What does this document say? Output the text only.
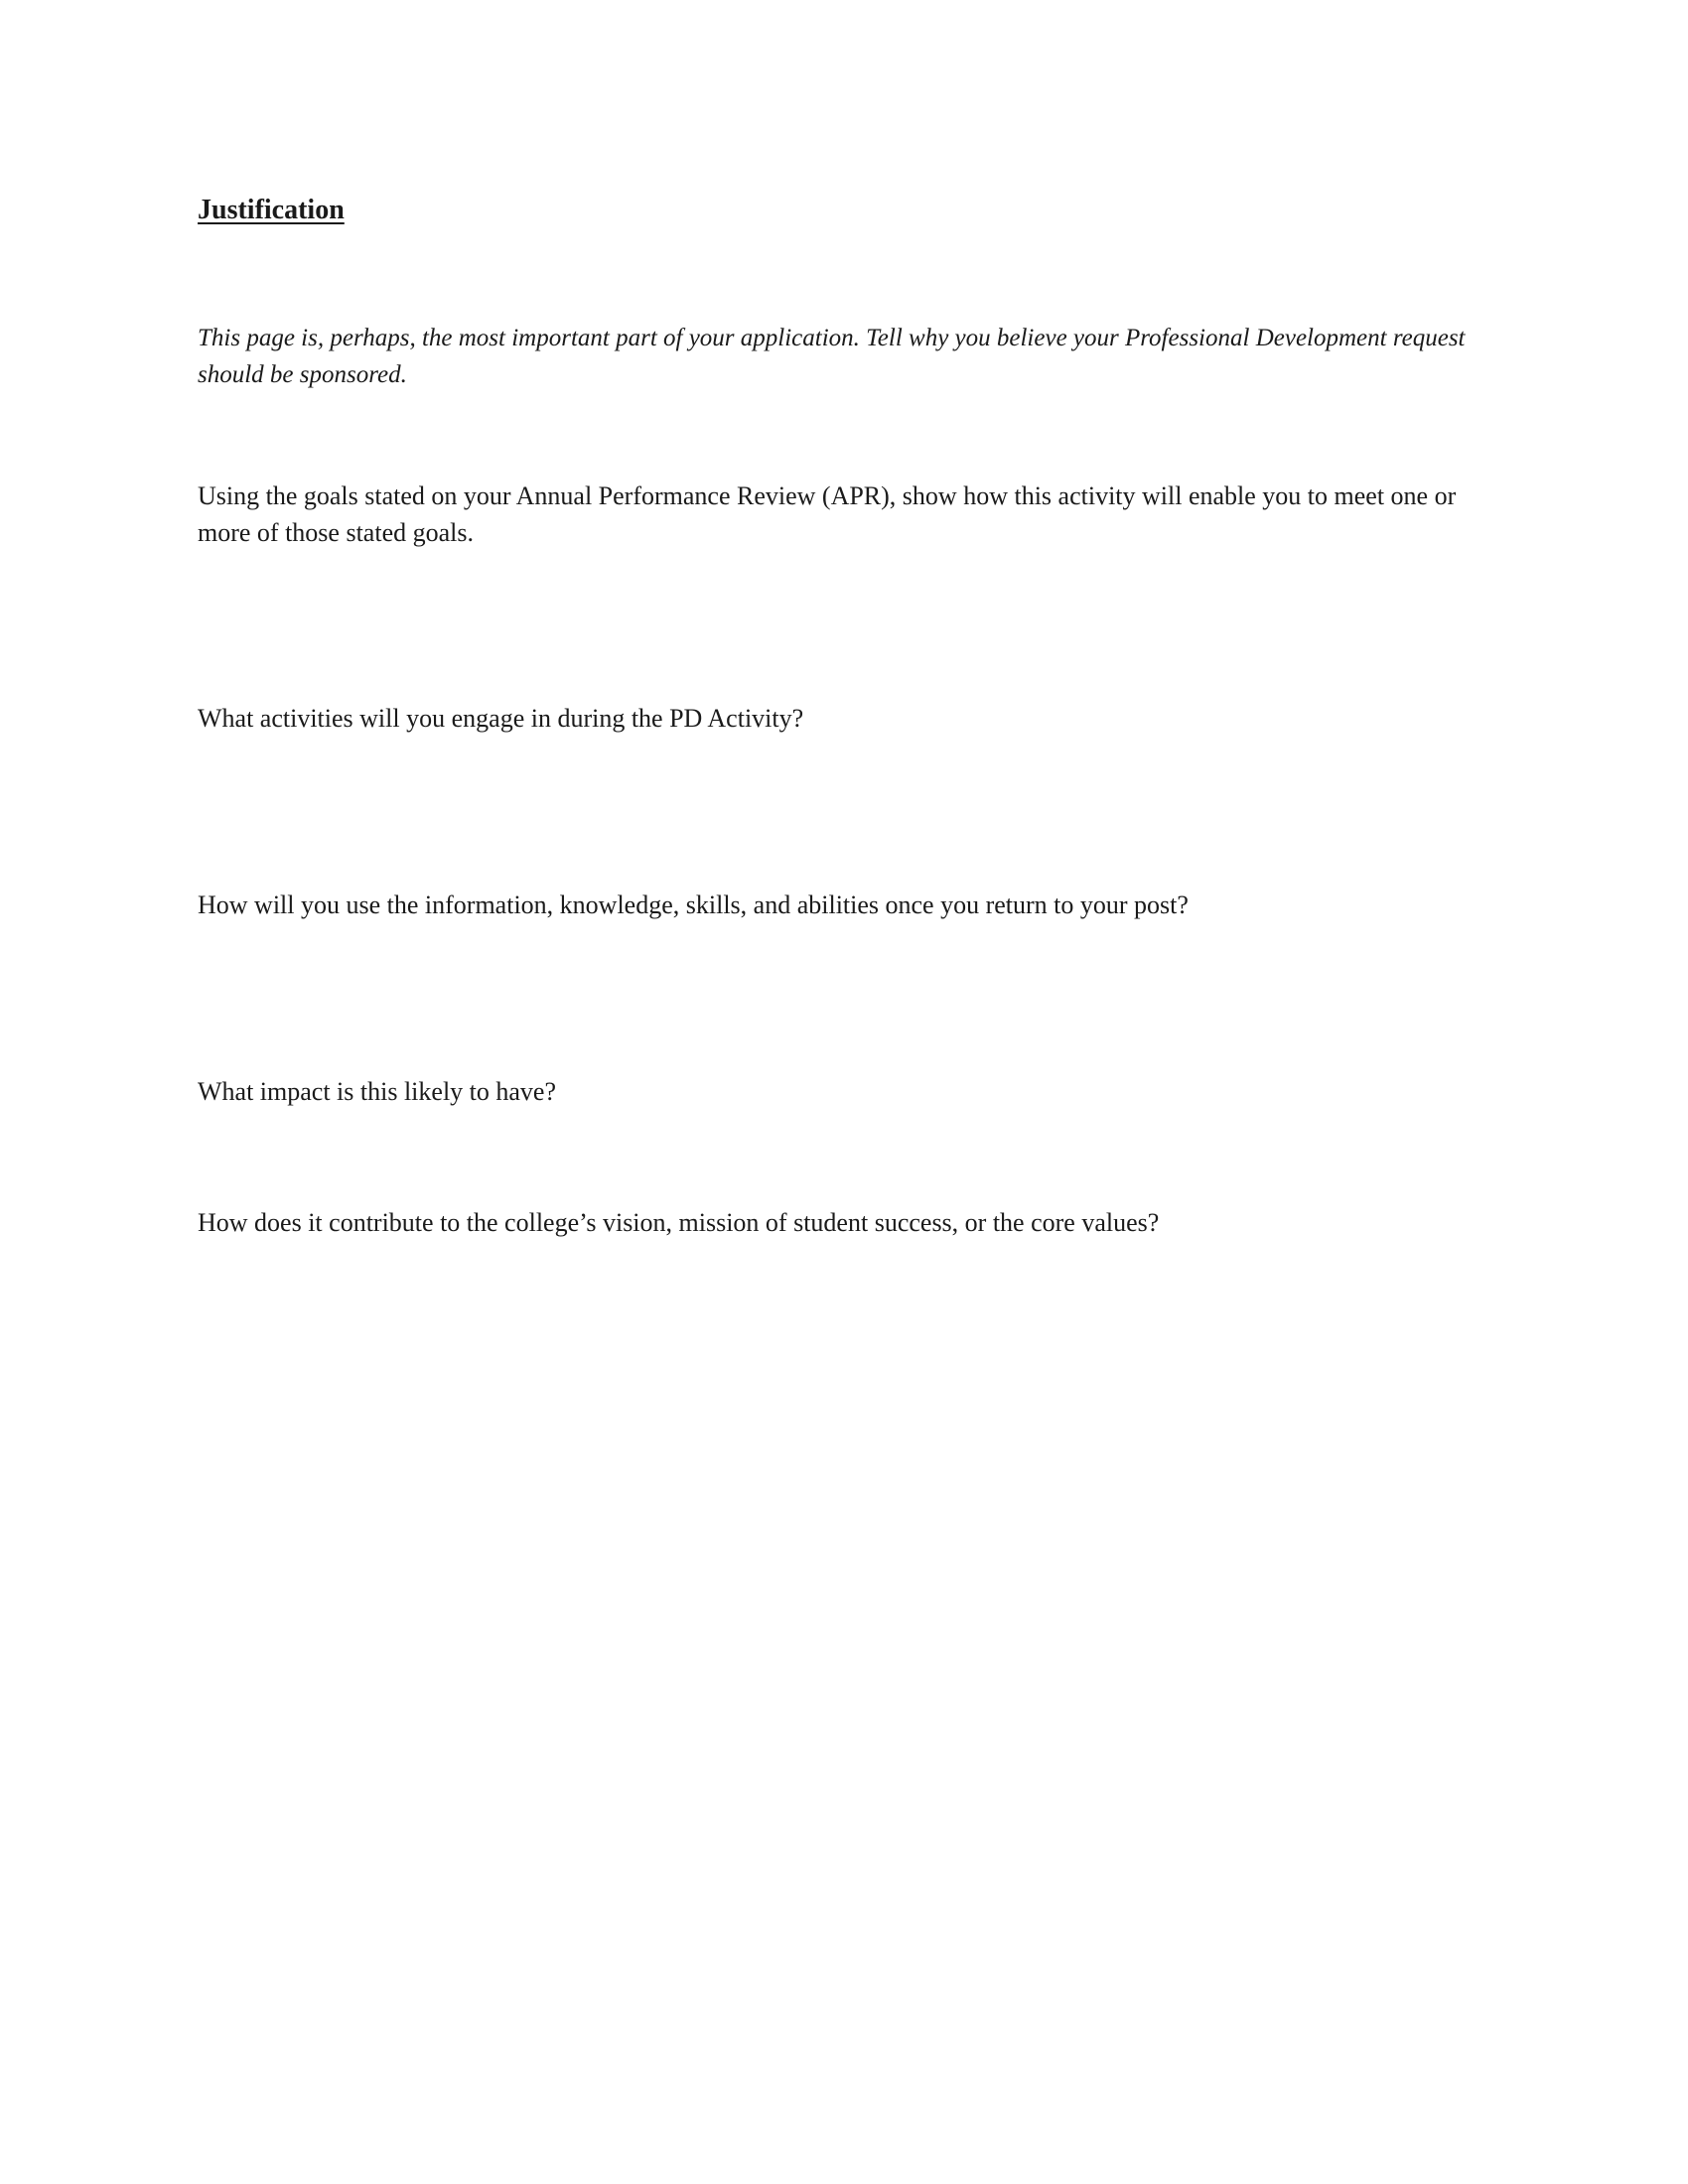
Justification

This page is, perhaps, the most important part of your application. Tell why you believe your Professional Development request should be sponsored.

Using the goals stated on your Annual Performance Review (APR), show how this activity will enable you to meet one or more of those stated goals.

What activities will you engage in during the PD Activity?

How will you use the information, knowledge, skills, and abilities once you return to your post?

What impact is this likely to have?

How does it contribute to the college’s vision, mission of student success, or the core values?
